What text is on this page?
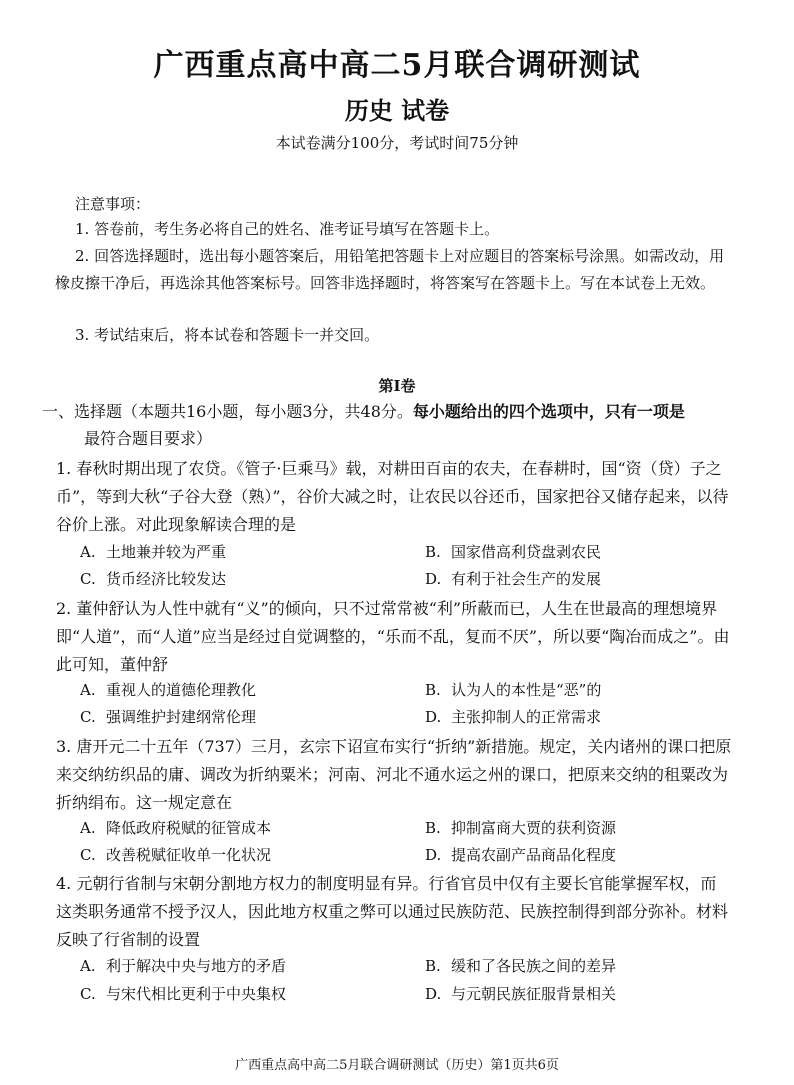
广西重点高中高二5月联合调研测试
历史 试卷
本试卷满分100分，考试时间75分钟
注意事项：
1. 答卷前，考生务必将自己的姓名、准考证号填写在答题卡上。
2. 回答选择题时，选出每小题答案后，用铅笔把答题卡上对应题目的答案标号涂黑。如需改动，用橡皮擦干净后，再选涂其他答案标号。回答非选择题时，将答案写在答题卡上。写在本试卷上无效。
3. 考试结束后，将本试卷和答题卡一并交回。
第Ⅰ卷
一、选择题（本题共16小题，每小题3分，共48分。每小题给出的四个选项中，只有一项是
最符合题目要求）
1. 春秋时期出现了农贷。《管子·巨乘马》载，对耕田百亩的农夫，在春耕时，国“资（贷）子之币”，等到大秋“子谷大登（熟）”，谷价大减之时，让农民以谷还币，国家把谷又储存起来，以待谷价上涨。对此现象解读合理的是
A. 土地兼并较为严重	B. 国家借高利贷盘剥农民
C. 货币经济比较发达	D. 有利于社会生产的发展
2. 董仲舒认为人性中就有“义”的倾向，只不过常常被“利”所蔽而已，人生在世最高的理想境界即“人道”，而“人道”应当是经过自觉调整的，“乐而不乱，复而不厌”，所以要“陶冶而成之”。由此可知，董仲舒
A. 重视人的道德伦理教化	B. 认为人的本性是“恶”的
C. 强调维护封建纲常伦理	D. 主张抑制人的正常需求
3. 唐开元二十五年（737）三月，玄宗下诏宣布实行“折纳”新措施。规定，关内诸州的课口把原来交纳纺织品的庸、调改为折纳粟米；河南、河北不通水运之州的课口，把原来交纳的租粟改为折纳绢布。这一规定意在
A. 降低政府税赋的征管成本	B. 抑制富商大贾的获利资源
C. 改善税赋征收单一化状况	D. 提高农副产品商品化程度
4. 元朝行省制与宋朝分割地方权力的制度明显有异。行省官员中仅有主要长官能掌握军权，而这类职务通常不授予汉人，因此地方权重之弊可以通过民族防范、民族控制得到部分弥补。材料反映了行省制的设置
A. 利于解决中央与地方的矛盾	B. 缓和了各民族之间的差异
C. 与宋代相比更利于中央集权	D. 与元朝民族征服背景相关
广西重点高中高二5月联合调研测试（历史）第1页共6页
